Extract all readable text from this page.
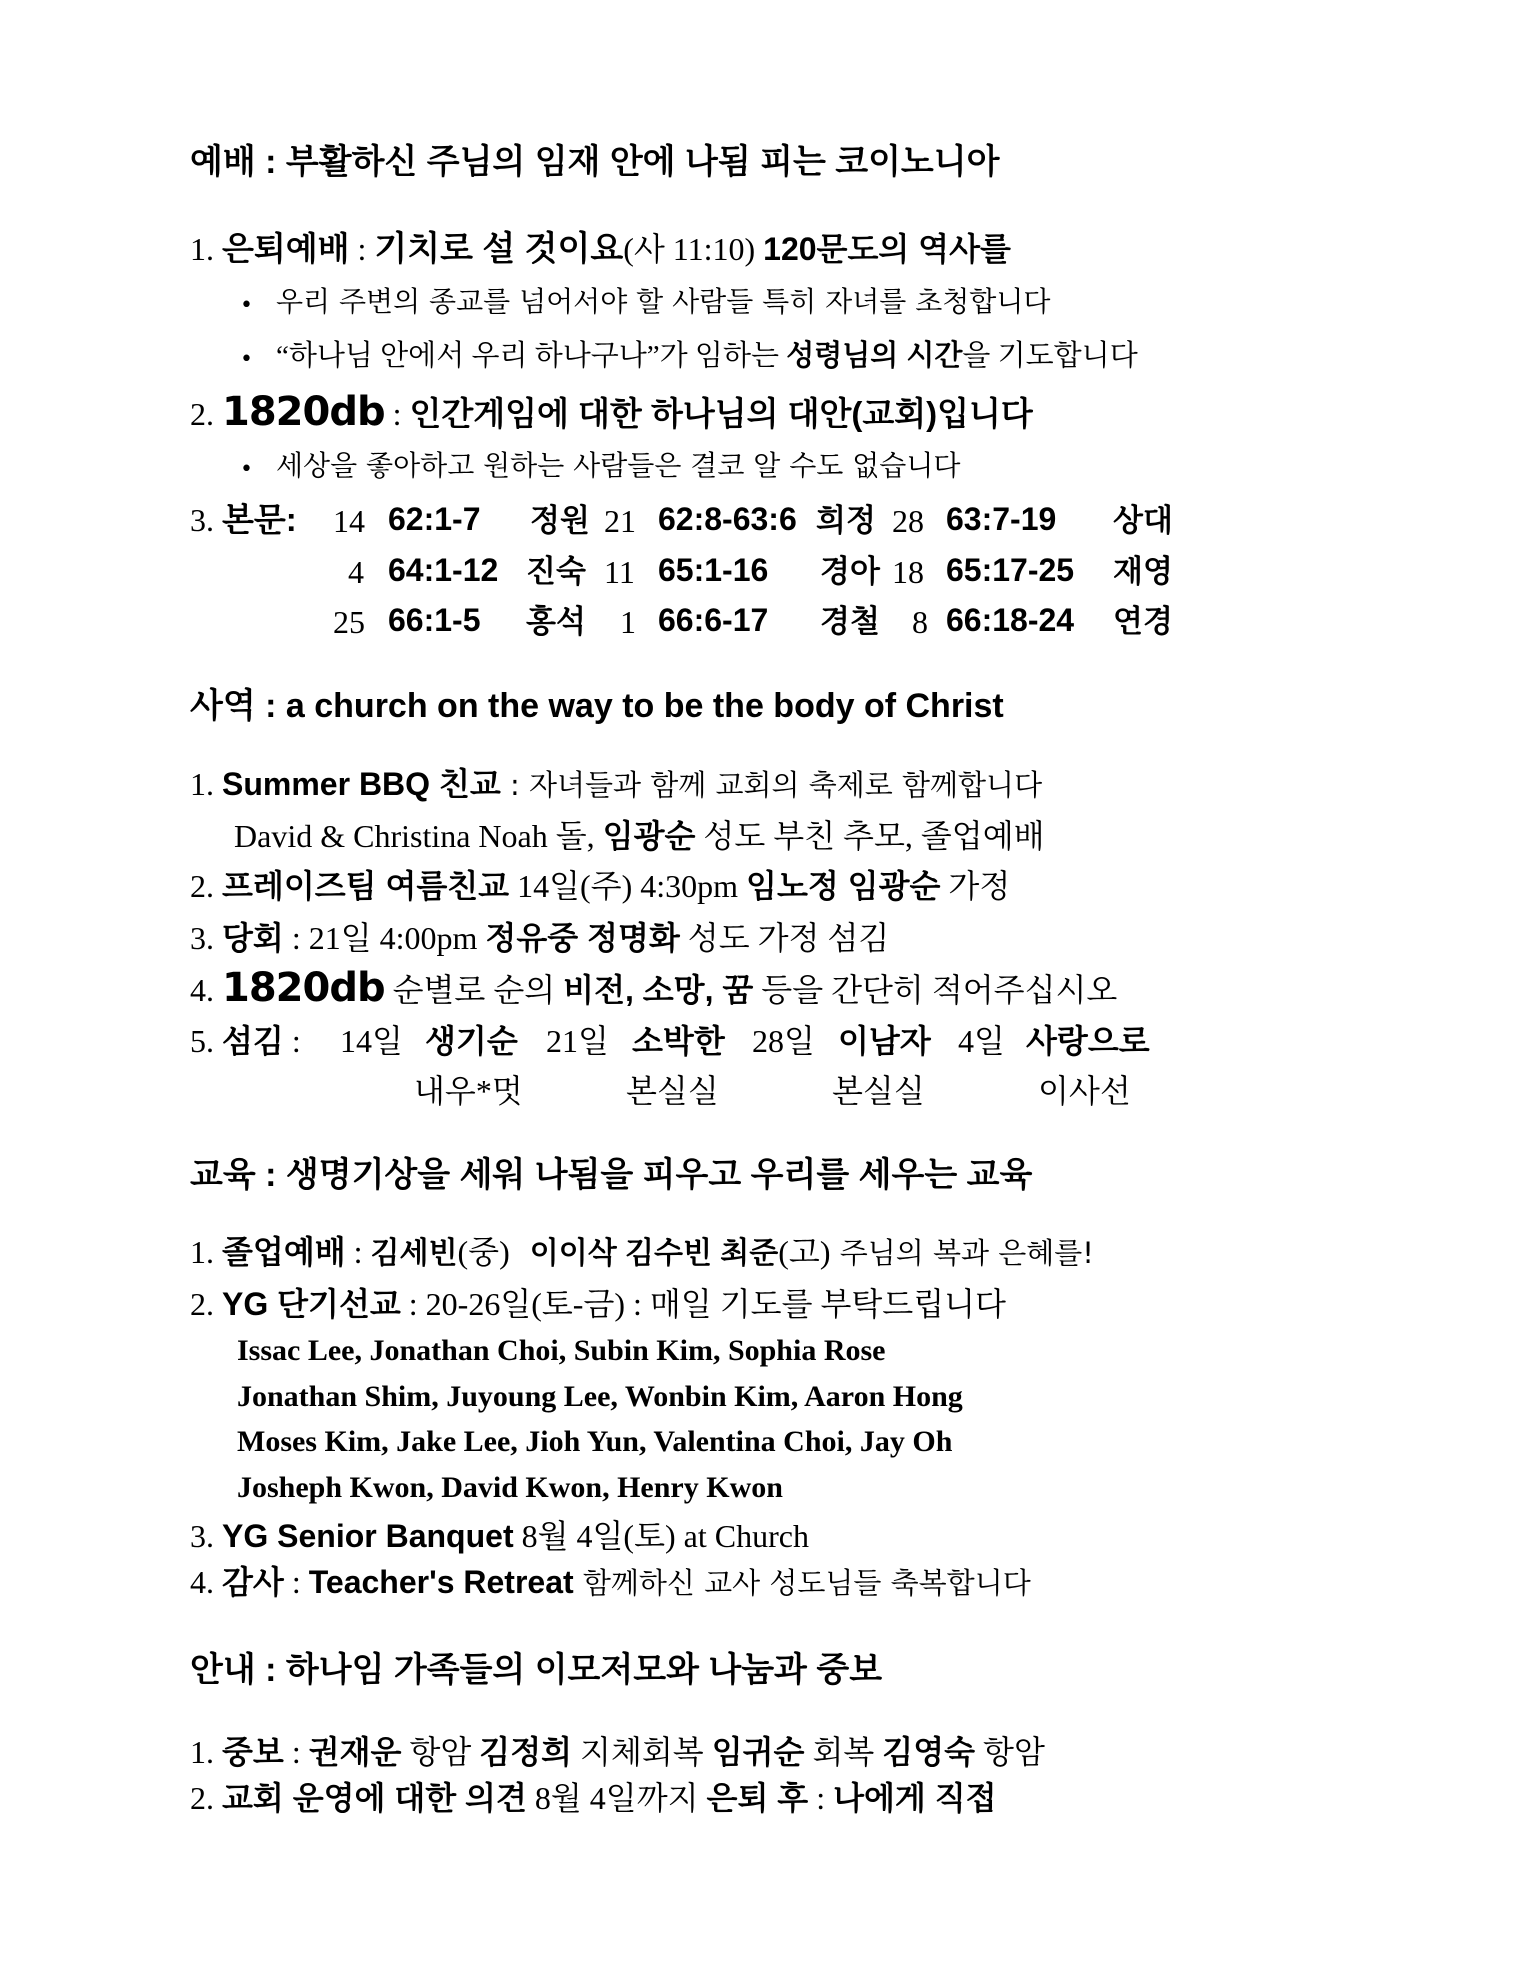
예배 : 부활하신 주님의 임재 안에 나됨 피는 코이노니아
1. 은퇴예배 : 기치로 설 것이요(사 11:10) 120문도의 역사를
• 우리 주변의 종교를 넘어서야 할 사람들 특히 자녀를 초청합니다
• “하나님 안에서 우리 하나구나”가 임하는 성령님의 시간을 기도합니다
2. 1820db : 인간게임에 대한 하나님의 대안(교회)입니다
• 세상을 좋아하고 원하는 사람들은 결코 알 수도 없습니다
3. 본문: 14 62:1-7 정원 21 62:8-63:6 희정 28 63:7-19 상대
4 64:1-12 진숙 11 65:1-16 경아 18 65:17-25 재영
25 66:1-5 홍석 1 66:6-17 경철 8 66:18-24 연경
사역 : a church on the way to be the body of Christ
1. Summer BBQ 친교 : 자녀들과 함께 교회의 축제로 함께합니다
David & Christina Noah 돌, 임광순 성도 부친 추모, 졸업예배
2. 프레이즈팀 여름친교 14일(주) 4:30pm 임노정 임광순 가정
3. 당회 : 21일 4:00pm 정유중 정명화 성도 가정 섬김
4. 1820db 순별로 순의 비전, 소망, 꿈 등을 간단히 적어주십시오
5. 섬김 : 14일 생기순 21일 소박한 28일 이남자 4일 사랑으로
내우*멋	본실실	본실실	이사선
교육 : 생명기상을 세워 나됨을 피우고 우리를 세우는 교육
1. 졸업예배 : 김세빈(중) 이이삭 김수빈 최준(고) 주님의 복과 은혜를!
2. YG 단기선교 : 20-26일(토-금) : 매일 기도를 부탁드립니다
Issac Lee, Jonathan Choi, Subin Kim, Sophia Rose
Jonathan Shim, Juyoung Lee, Wonbin Kim, Aaron Hong
Moses Kim, Jake Lee, Jioh Yun, Valentina Choi, Jay Oh
Josheph Kwon, David Kwon, Henry Kwon
3. YG Senior Banquet 8월 4일(토) at Church
4. 감사 : Teacher's Retreat 함께하신 교사 성도님들 축복합니다
안내 : 하나임 가족들의 이모저모와 나눔과 중보
1. 중보 : 권재운 항암 김정희 지체회복 임귀순 회복 김영숙 항암
2. 교회 운영에 대한 의견 8월 4일까지 은퇴 후 : 나에게 직접
